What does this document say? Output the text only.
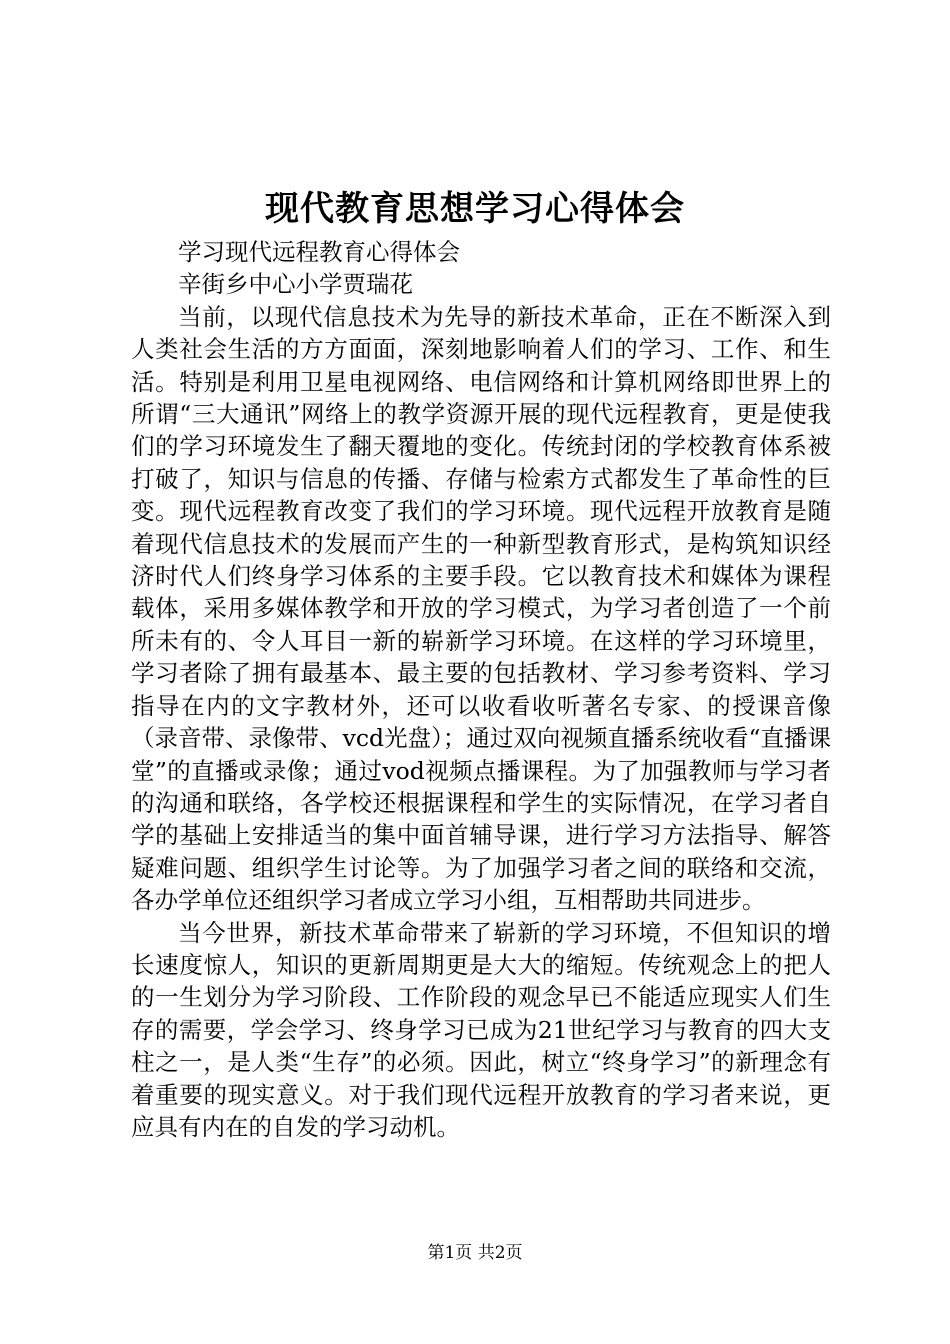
现代教育思想学习心得体会

学习现代远程教育心得体会

辛街乡中心小学贾瑞花

当前，以现代信息技术为先导的新技术革命，正在不断深入到人类社会生活的方方面面，深刻地影响着人们的学习、工作、和生活。特别是利用卫星电视网络、电信网络和计算机网络即世界上的所谓“三大通讯”网络上的教学资源开展的现代远程教育，更是使我们的学习环境发生了翻天覆地的变化。传统封闭的学校教育体系被打破了，知识与信息的传播、存储与检索方式都发生了革命性的巨变。现代远程教育改变了我们的学习环境。现代远程开放教育是随着现代信息技术的发展而产生的一种新型教育形式，是构筑知识经济时代人们终身学习体系的主要手段。它以教育技术和媒体为课程载体，采用多媒体教学和开放的学习模式，为学习者创造了一个前所未有的、令人耳目一新的崭新学习环境。在这样的学习环境里，学习者除了拥有最基本、最主要的包括教材、学习参考资料、学习指导在内的文字教材外，还可以收看收听著名专家、的授课音像（录音带、录像带、vcd光盘）；通过双向视频直播系统收看“直播课堂”的直播或录像；通过vod视频点播课程。为了加强教师与学习者的沟通和联络，各学校还根据课程和学生的实际情况，在学习者自学的基础上安排适当的集中面首辅导课，进行学习方法指导、解答疑难问题、组织学生讨论等。为了加强学习者之间的联络和交流，各办学单位还组织学习者成立学习小组，互相帮助共同进步。

当今世界，新技术革命带来了崭新的学习环境，不但知识的增长速度惊人，知识的更新周期更是大大的缩短。传统观念上的把人的一生划分为学习阶段、工作阶段的观念早已不能适应现实人们生存的需要，学会学习、终身学习已成为21世纪学习与教育的四大支柱之一，是人类“生存”的必须。因此，树立“终身学习”的新理念有着重要的现实意义。对于我们现代远程开放教育的学习者来说，更应具有内在的自发的学习动机。

第1页 共2页
